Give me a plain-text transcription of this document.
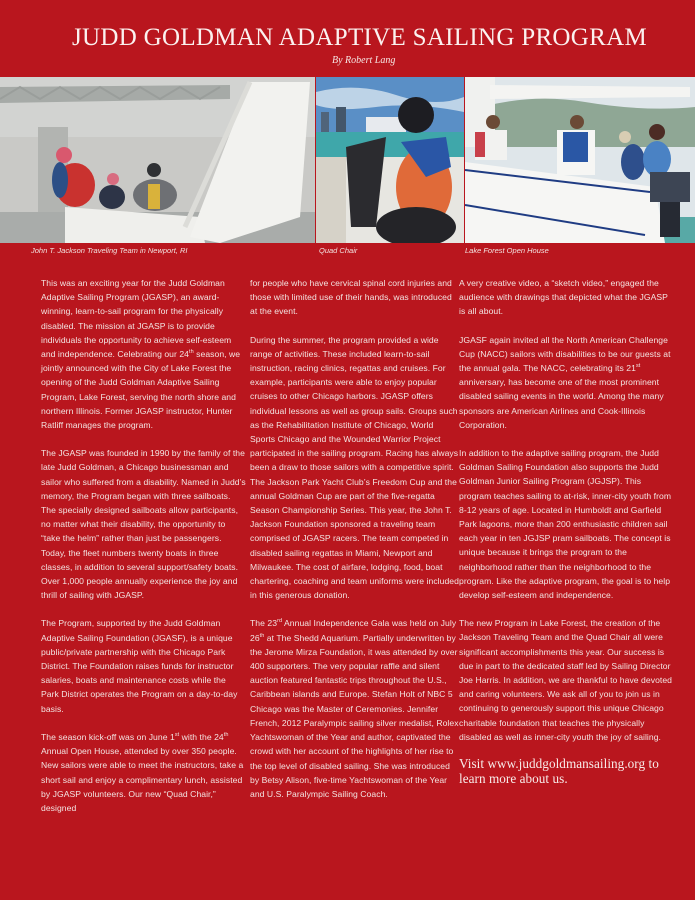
JUDD GOLDMAN ADAPTIVE SAILING PROGRAM
By Robert Lang
John T. Jackson Traveling Team in Newport, RI	Quad Chair	Lake Forest Open House

This was an exciting year for the Judd Goldman Adaptive Sailing Program (JGASP), an award-winning, learn-to-sail program for the physically disabled. The mission at JGASP is to provide individuals the opportunity to achieve self-esteem and independence. Celebrating our 24th season, we jointly announced with the City of Lake Forest the opening of the Judd Goldman Adaptive Sailing Program, Lake Forest, serving the north shore and northern Illinois. Former JGASP instructor, Hunter Ratliff manages the program.

The JGASP was founded in 1990 by the family of the late Judd Goldman, a Chicago businessman and sailor who suffered from a disability. Named in Judd’s memory, the Program began with three sailboats. The specially designed sailboats allow participants, no matter what their disability, the opportunity to “take the helm” rather than just be passengers. Today, the fleet numbers twenty boats in three classes, in addition to several support/safety boats. Over 1,000 people annually experience the joy and thrill of sailing with JGASP.

The Program, supported by the Judd Goldman Adaptive Sailing Foundation (JGASF), is a unique public/private partnership with the Chicago Park District. The Foundation raises funds for instructor salaries, boats and maintenance costs while the Park District operates the Program on a day-to-day basis.

The season kick-off was on June 1st with the 24th Annual Open House, attended by over 350 people. New sailors were able to meet the instructors, take a short sail and enjoy a complimentary lunch, assisted by JGASP volunteers. Our new “Quad Chair,” designed

for people who have cervical spinal cord injuries and those with limited use of their hands, was introduced at the event.

During the summer, the program provided a wide range of activities. These included learn-to-sail instruction, racing clinics, regattas and cruises. For example, participants were able to enjoy popular cruises to other Chicago harbors. JGASP offers individual lessons as well as group sails. Groups such as the Rehabilitation Institute of Chicago, World Sports Chicago and the Wounded Warrior Project participated in the sailing program. Racing has always been a draw to those sailors with a competitive spirit. The Jackson Park Yacht Club’s Freedom Cup and the annual Goldman Cup are part of the five-regatta Season Championship Series. This year, the John T. Jackson Foundation sponsored a traveling team comprised of JGASP racers. The team competed in disabled sailing regattas in Miami, Newport and Milwaukee. The cost of airfare, lodging, food, boat chartering, coaching and team uniforms were included in this generous donation.

The 23rd Annual Independence Gala was held on July 26th at The Shedd Aquarium. Partially underwritten by the Jerome Mirza Foundation, it was attended by over 400 supporters. The very popular raffle and silent auction featured fantastic trips throughout the U.S., Caribbean islands and Europe. Stefan Holt of NBC 5 Chicago was the Master of Ceremonies. Jennifer French, 2012 Paralympic sailing silver medalist, Rolex Yachtswoman of the Year and author, captivated the crowd with her account of the highlights of her rise to the top level of disabled sailing. She was introduced by Betsy Alison, five-time Yachtswoman of the Year and U.S. Paralympic Sailing Coach.

A very creative video, a “sketch video,” engaged the audience with drawings that depicted what the JGASP is all about.

JGASF again invited all the North American Challenge Cup (NACC) sailors with disabilities to be our guests at the annual gala. The NACC, celebrating its 21st anniversary, has become one of the most prominent disabled sailing events in the world. Among the many sponsors are American Airlines and Cook-Illinois Corporation.

In addition to the adaptive sailing program, the Judd Goldman Sailing Foundation also supports the Judd Goldman Junior Sailing Program (JGJSP). This program teaches sailing to at-risk, inner-city youth from 8-12 years of age. Located in Humboldt and Garfield Park lagoons, more than 200 enthusiastic children sail each year in ten JGJSP pram sailboats. The concept is unique because it brings the program to the neighborhood rather than the neighborhood to the program. Like the adaptive program, the goal is to help develop self-esteem and independence.

The new Program in Lake Forest, the creation of the Jackson Traveling Team and the Quad Chair all were significant accomplishments this year. Our success is due in part to the dedicated staff led by Sailing Director Joe Harris. In addition, we are thankful to have devoted and caring volunteers. We ask all of you to join us in continuing to generously support this unique Chicago charitable foundation that teaches the physically disabled as well as inner-city youth the joy of sailing.

Visit www.juddgoldmansailing.org to learn more about us.
